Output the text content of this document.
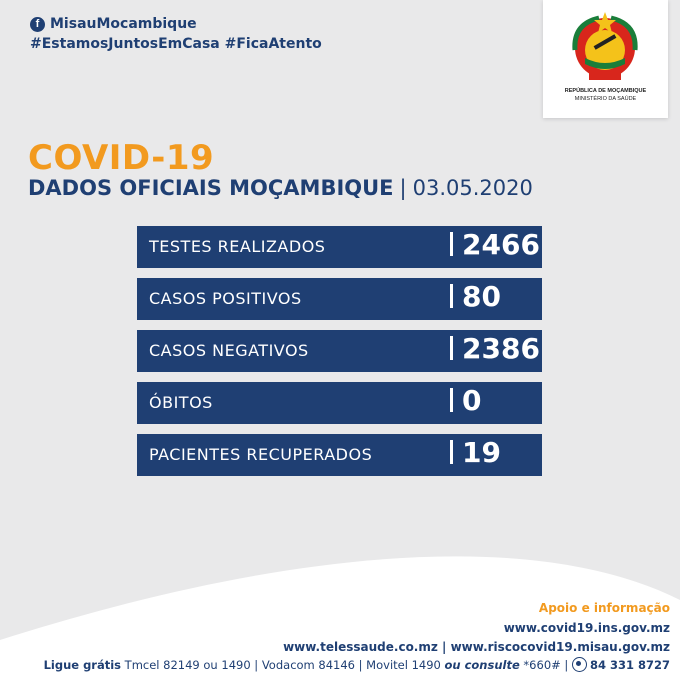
f MisauMocambique
#EstamosJuntosEmCasa #FicaAtento
REPÚBLICA DE MOÇAMBIQUE
MINISTÉRIO DA SAÚDE
COVID-19
DADOS OFICIAIS MOÇAMBIQUE | 03.05.2020
TESTES REALIZADOS	2466
CASOS POSITIVOS	80
CASOS NEGATIVOS	2386
ÓBITOS	0
PACIENTES RECUPERADOS	19
Apoio e informação
www.covid19.ins.gov.mz
www.telessaude.co.mz | www.riscocovid19.misau.gov.mz
Ligue grátis Tmcel 82149 ou 1490 | Vodacom 84146 | Movitel 1490 ou consulte *660# | 84 331 8727
